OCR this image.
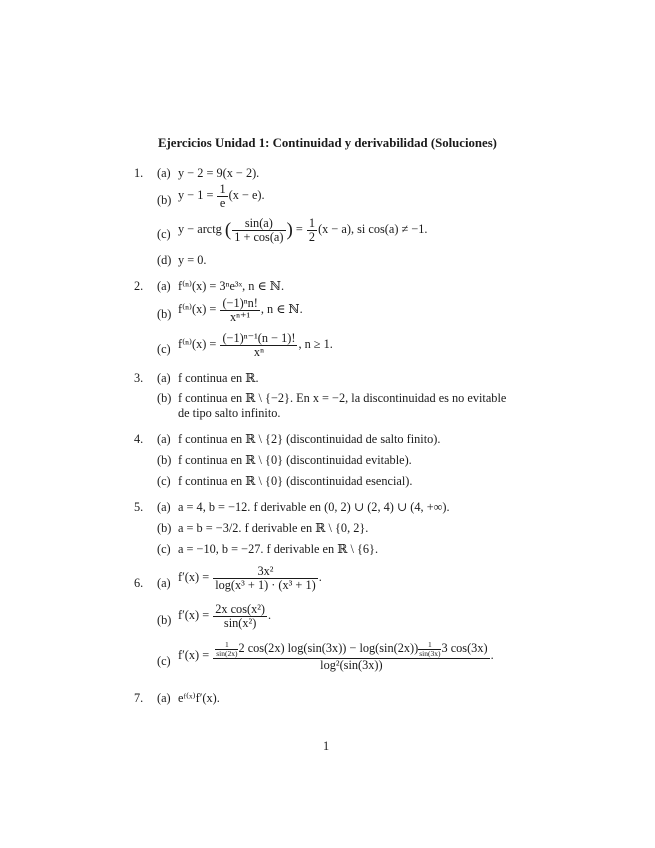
Ejercicios Unidad 1: Continuidad y derivabilidad (Soluciones)
1. (a) y − 2 = 9(x − 2).
(b) $y - 1 = \frac{1}{e} (x - e)$.
(c) y − arctg ( $\frac{\sin(a)}{1 + \cos(a)}$ ) = $\frac{1}{2} (x - a)$, si cos(a) ≠ −1.
(d) y = 0.
2. (a) f⁽ⁿ⁾(x) = 3ⁿe³ˣ, n ∈ ℕ.
(b) $f^{(n)}(x) = \frac{\text{(−1)ⁿn!}}{\text{xⁿ⁺¹}}$ , n ∈ ℕ.
(c) $f^{(n)}(x) = \frac{\text{(−1)ⁿ⁻¹(n − 1)!}}{\text{xⁿ}}$ , n ≥ 1.
3. (a) f continua en ℝ.
(b) f continua en ℝ \ {−2}. En x = −2, la discontinuidad es no evitable
de tipo salto infinito.
4. (a) f continua en ℝ \ {2} (discontinuidad de salto finito).
(b) f continua en ℝ \ {0} (discontinuidad evitable).
(c) f continua en ℝ \ {0} (discontinuidad esencial).
5. (a) a = 4, b = −12. f derivable en (0, 2) ∪ (2, 4) ∪ (4, +∞).
(b) a = b = −3/2. f derivable en ℝ \ {0, 2}.
(c) a = −10, b = −27. f derivable en ℝ \ {6}.
6. (a) $f'(x) = \frac{\text{3x²}}{\text{log(x³ + 1) · (x³ + 1)}}$ .
(b) $f'(x) = \frac{\text{2x cos(x²)}}{\text{sin(x²)}}$ .
(c) $f'(x) = \frac{1}{\sin(2x)} 2$ cos(2x) $\log(\sin(3x)) - \log(\sin(2x)) \frac{1}{\sin(3x)} 3$ cos(3x)
log²(sin(3x))
.
7. (a) eᶠ⁽ˣ⁾f′(x).
1
